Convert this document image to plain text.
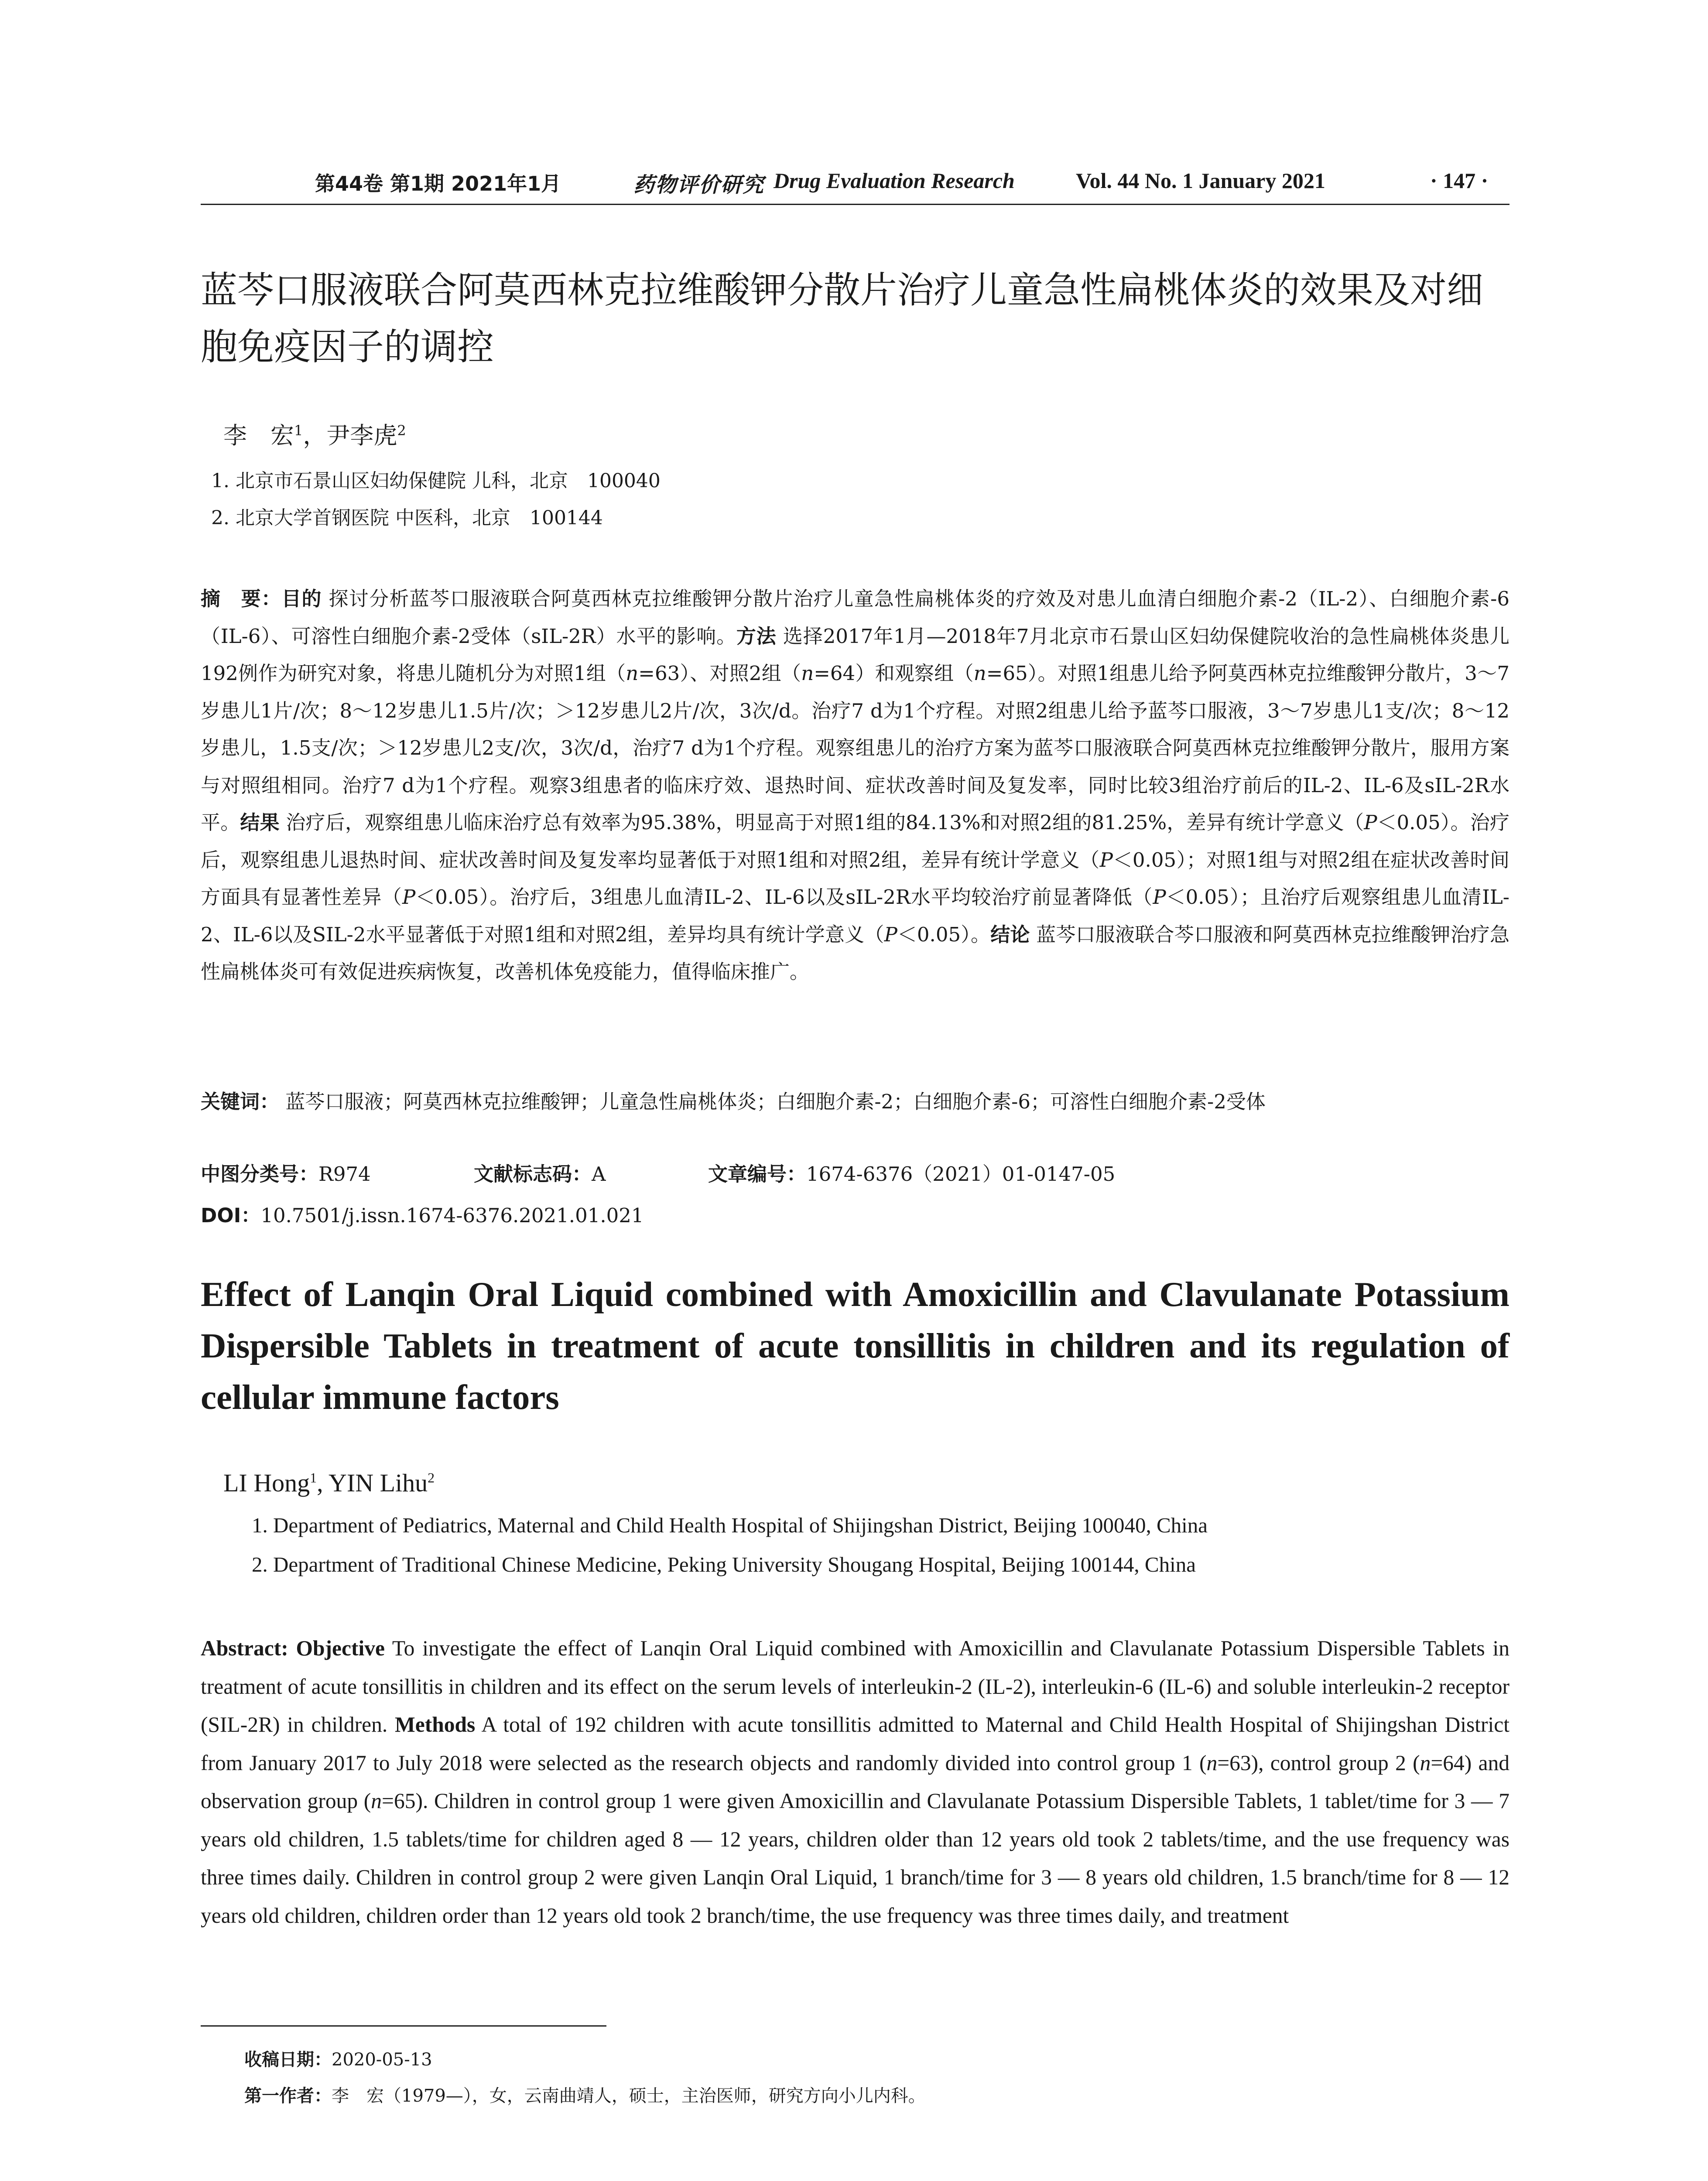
第44卷 第1期 2021年1月	药物评价研究 Drug Evaluation Research	Vol. 44 No. 1 January 2021	· 147 ·
蓝芩口服液联合阿莫西林克拉维酸钾分散片治疗儿童急性扁桃体炎的效果及对细胞免疫因子的调控
李　宏$^1$，尹李虎$^2$
1. 北京市石景山区妇幼保健院 儿科，北京　100040
2. 北京大学首钢医院 中医科，北京　100144

摘　要：目的 探讨分析蓝芩口服液联合阿莫西林克拉维酸钾分散片治疗儿童急性扁桃体炎的疗效及对患儿血清白细胞介素-2（IL-2）、白细胞介素-6（IL-6）、可溶性白细胞介素-2受体（sIL-2R）水平的影响。方法 选择2017年1月—2018年7月北京市石景山区妇幼保健院收治的急性扁桃体炎患儿192例作为研究对象，将患儿随机分为对照1组（n=63）、对照2组（n=64）和观察组（n=65）。对照1组患儿给予阿莫西林克拉维酸钾分散片，3～7岁患儿1片/次；8～12岁患儿1.5片/次；＞12岁患儿2片/次，3次/d。治疗7 d为1个疗程。对照2组患儿给予蓝芩口服液，3～7岁患儿1支/次；8～12岁患儿，1.5支/次；＞12岁患儿2支/次，3次/d，治疗7 d为1个疗程。观察组患儿的治疗方案为蓝芩口服液联合阿莫西林克拉维酸钾分散片，服用方案与对照组相同。治疗7 d为1个疗程。观察3组患者的临床疗效、退热时间、症状改善时间及复发率，同时比较3组治疗前后的IL-2、IL-6及sIL-2R水平。结果 治疗后，观察组患儿临床治疗总有效率为95.38%，明显高于对照1组的84.13%和对照2组的81.25%，差异有统计学意义（P＜0.05）。治疗后，观察组患儿退热时间、症状改善时间及复发率均显著低于对照1组和对照2组，差异有统计学意义（P＜0.05）；对照1组与对照2组在症状改善时间方面具有显著性差异（P＜0.05）。治疗后，3组患儿血清IL-2、IL-6以及sIL-2R水平均较治疗前显著降低（P＜0.05）；且治疗后观察组患儿血清IL-2、IL-6以及SIL-2水平显著低于对照1组和对照2组，差异均具有统计学意义（P＜0.05）。结论 蓝芩口服液联合芩口服液和阿莫西林克拉维酸钾治疗急性扁桃体炎可有效促进疾病恢复，改善机体免疫能力，值得临床推广。

关键词： 蓝芩口服液；阿莫西林克拉维酸钾；儿童急性扁桃体炎；白细胞介素-2；白细胞介素-6；可溶性白细胞介素-2受体

中图分类号：R974	文献标志码：A	文章编号：1674-6376（2021）01-0147-05
DOI：10.7501/j.issn.1674-6376.2021.01.021
Effect of Lanqin Oral Liquid combined with Amoxicillin and Clavulanate Potassium Dispersible Tablets in treatment of acute tonsillitis in children and its regulation of cellular immune factors
LI Hong$^1$, YIN Lihu$^2$
1. Department of Pediatrics, Maternal and Child Health Hospital of Shijingshan District, Beijing 100040, China
2. Department of Traditional Chinese Medicine, Peking University Shougang Hospital, Beijing 100144, China

Abstract: Objective To investigate the effect of Lanqin Oral Liquid combined with Amoxicillin and Clavulanate Potassium Dispersible Tablets in treatment of acute tonsillitis in children and its effect on the serum levels of interleukin-2 (IL-2), interleukin-6 (IL-6) and soluble interleukin-2 receptor (SIL-2R) in children. Methods A total of 192 children with acute tonsillitis admitted to Maternal and Child Health Hospital of Shijingshan District from January 2017 to July 2018 were selected as the research objects and randomly divided into control group 1 (n=63), control group 2 (n=64) and observation group (n=65). Children in control group 1 were given Amoxicillin and Clavulanate Potassium Dispersible Tablets, 1 tablet/time for 3 — 7 years old children, 1.5 tablets/time for children aged 8 — 12 years, children older than 12 years old took 2 tablets/time, and the use frequency was three times daily. Children in control group 2 were given Lanqin Oral Liquid, 1 branch/time for 3 — 8 years old children, 1.5 branch/time for 8 — 12 years old children, children order than 12 years old took 2 branch/time, the use frequency was three times daily, and treatment

收稿日期：2020-05-13
第一作者：李　宏（1979—），女，云南曲靖人，硕士，主治医师，研究方向小儿内科。
